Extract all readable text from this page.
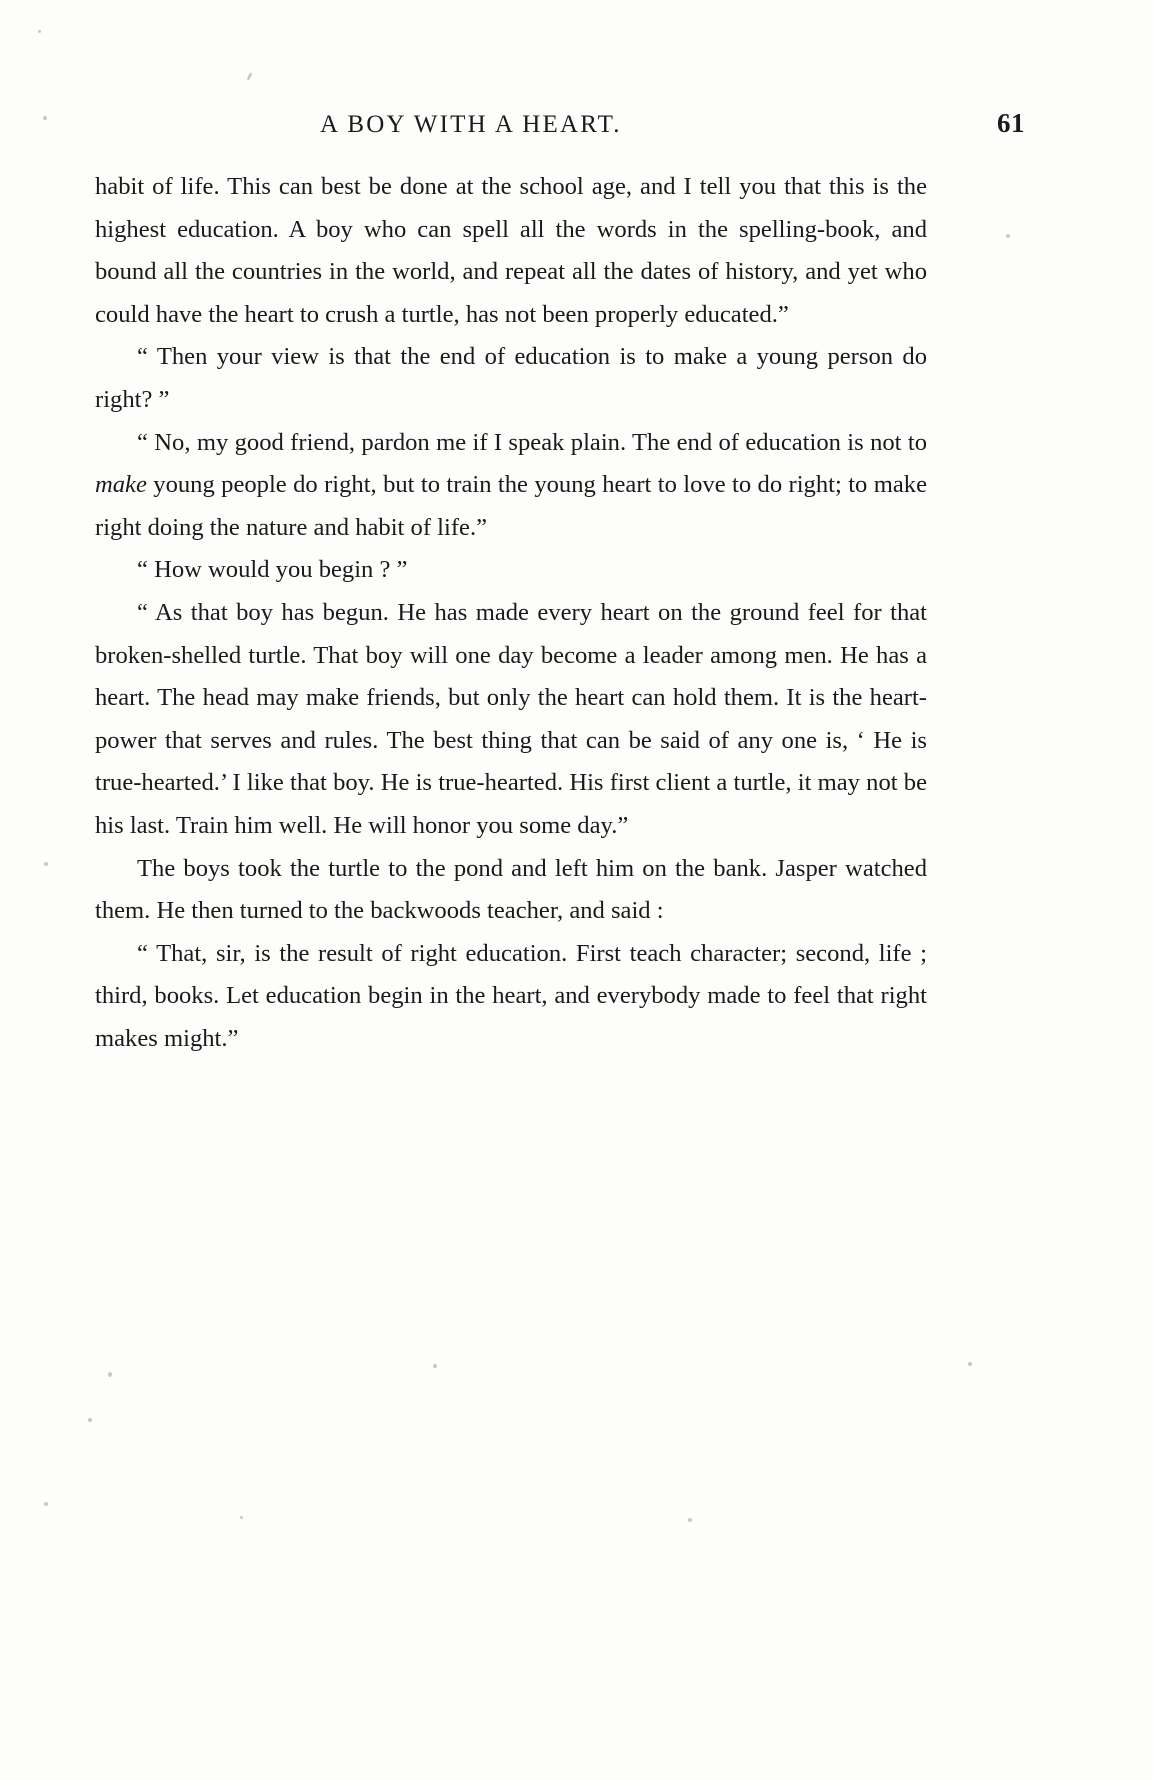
A BOY WITH A HEART.	61

habit of life. This can best be done at the school age, and I tell you that this is the highest education. A boy who can spell all the words in the spelling-book, and bound all the countries in the world, and repeat all the dates of history, and yet who could have the heart to crush a turtle, has not been properly educated.”

“ Then your view is that the end of education is to make a young person do right? ”

“ No, my good friend, pardon me if I speak plain. The end of education is not to make young people do right, but to train the young heart to love to do right; to make right doing the nature and habit of life.”

“ How would you begin ? ”

“ As that boy has begun. He has made every heart on the ground feel for that broken-shelled turtle. That boy will one day become a leader among men. He has a heart. The head may make friends, but only the heart can hold them. It is the heart-power that serves and rules. The best thing that can be said of any one is, ‘ He is true-hearted.’ I like that boy. He is true-hearted. His first client a turtle, it may not be his last. Train him well. He will honor you some day.”

The boys took the turtle to the pond and left him on the bank. Jasper watched them. He then turned to the backwoods teacher, and said :

“ That, sir, is the result of right education. First teach character; second, life ; third, books. Let education begin in the heart, and everybody made to feel that right makes might.”
